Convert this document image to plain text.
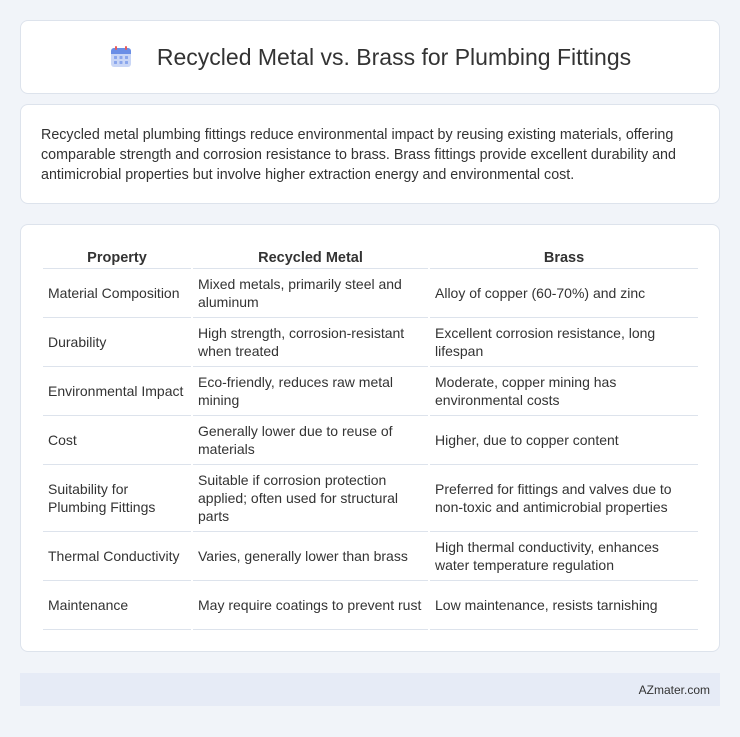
Recycled Metal vs. Brass for Plumbing Fittings

Recycled metal plumbing fittings reduce environmental impact by reusing existing materials, offering comparable strength and corrosion resistance to brass. Brass fittings provide excellent durability and antimicrobial properties but involve higher extraction energy and environmental cost.

Property	Recycled Metal	Brass
Material Composition	Mixed metals, primarily steel and aluminum	Alloy of copper (60-70%) and zinc
Durability	High strength, corrosion-resistant when treated	Excellent corrosion resistance, long lifespan
Environmental Impact	Eco-friendly, reduces raw metal mining	Moderate, copper mining has environmental costs
Cost	Generally lower due to reuse of materials	Higher, due to copper content
Suitability for Plumbing Fittings	Suitable if corrosion protection applied; often used for structural parts	Preferred for fittings and valves due to non-toxic and antimicrobial properties
Thermal Conductivity	Varies, generally lower than brass	High thermal conductivity, enhances water temperature regulation
Maintenance	May require coatings to prevent rust	Low maintenance, resists tarnishing
AZmater.com
